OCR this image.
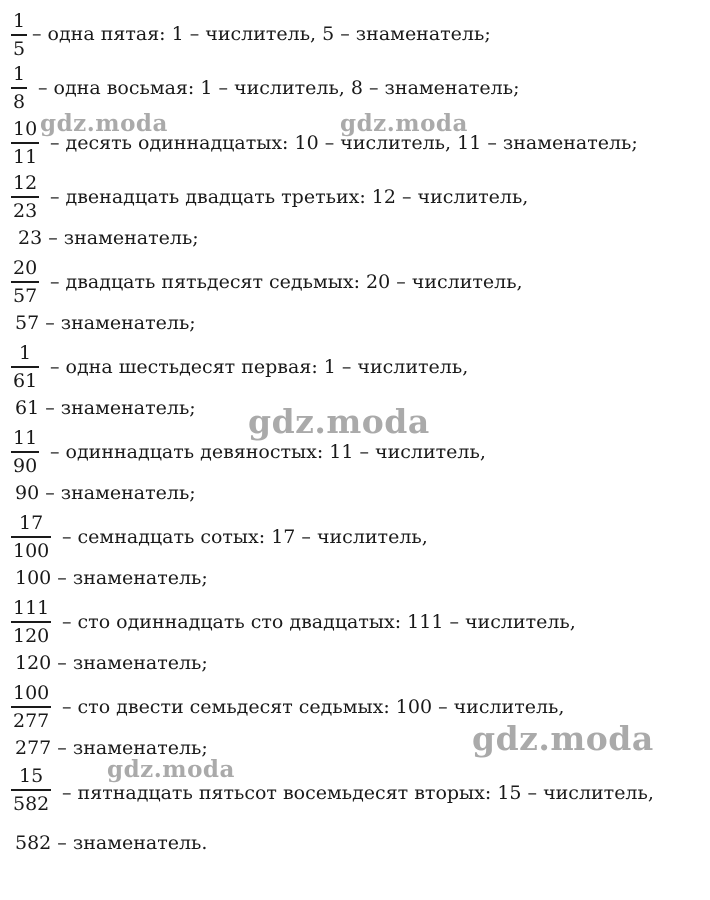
1
5
– одна пятая: 1 – числитель, 5 – знаменатель;
1
8
– одна восьмая: 1 – числитель, 8 – знаменатель;
10
11
– десять одиннадцатых: 10 – числитель, 11 – знаменатель;
12
23
– двенадцать двадцать третьих: 12 – числитель,
23 – знаменатель;
20
57
– двадцать пятьдесят седьмых: 20 – числитель,
57 – знаменатель;
1
61
– одна шестьдесят первая: 1 – числитель,
61 – знаменатель;
11
90
– одиннадцать девяностых: 11 – числитель,
90 – знаменатель;
17
100
– семнадцать сотых: 17 – числитель,
100 – знаменатель;
111
120
– сто одиннадцать сто двадцатых: 111 – числитель,
120 – знаменатель;
100
277
– сто двести семьдесят седьмых: 100 – числитель,
277 – знаменатель;
15
582 – пятнадцать пятьсот восемьдесят вторых: 15 – числитель,
582 – знаменатель.
gdz.moda	gdz.moda
gdz.moda
gdz.moda
gdz.moda
